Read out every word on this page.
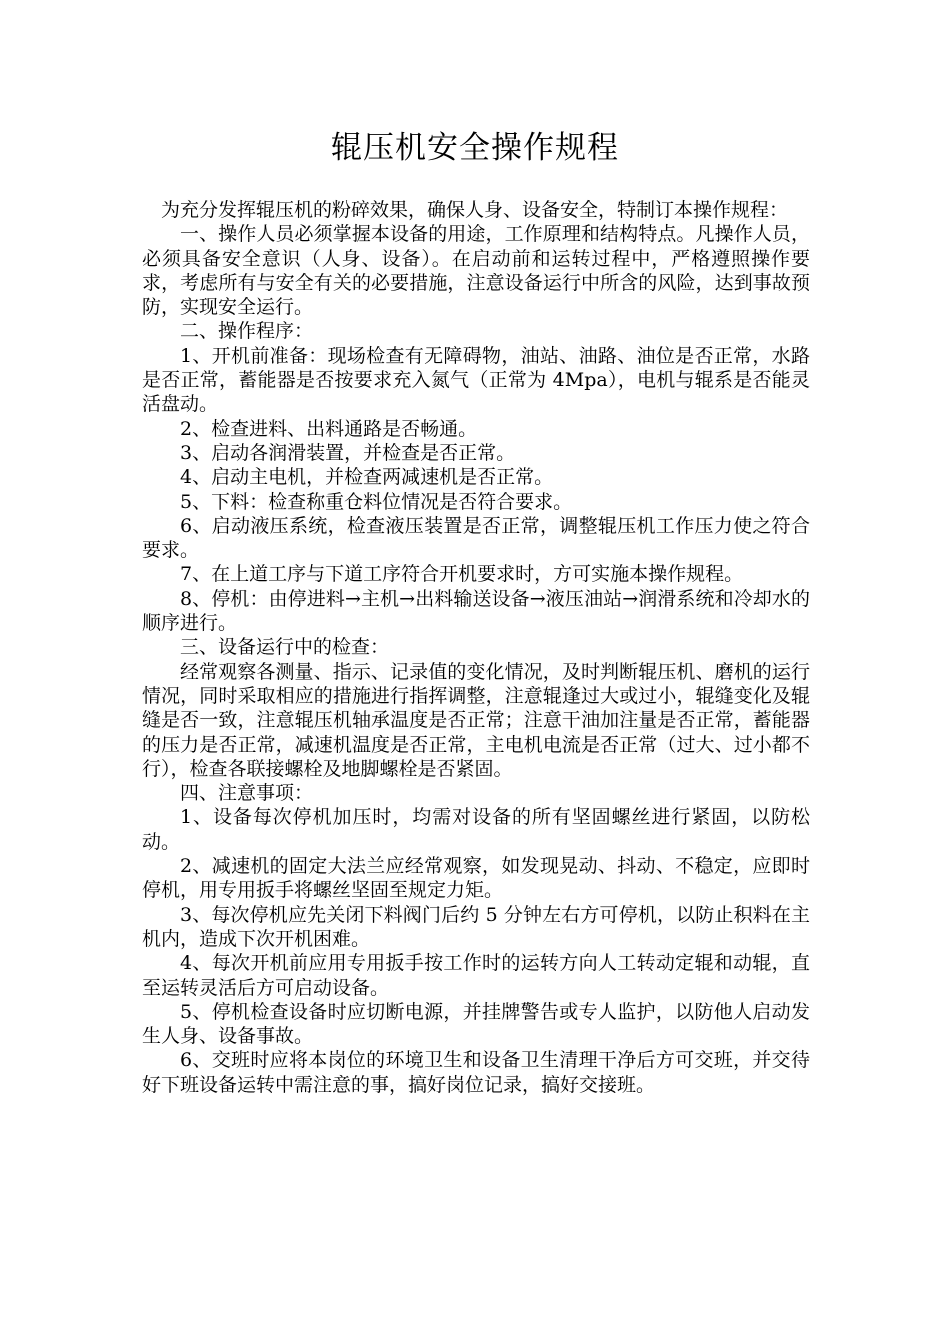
辊压机安全操作规程

为充分发挥辊压机的粉碎效果，确保人身、设备安全，特制订本操作规程：

一、操作人员必须掌握本设备的用途，工作原理和结构特点。凡操作人员，必须具备安全意识（人身、设备）。在启动前和运转过程中，严格遵照操作要求，考虑所有与安全有关的必要措施，注意设备运行中所含的风险，达到事故预防，实现安全运行。

二、操作程序：

1、开机前准备：现场检查有无障碍物，油站、油路、油位是否正常，水路是否正常，蓄能器是否按要求充入氮气（正常为 4Mpa），电机与辊系是否能灵活盘动。

2、检查进料、出料通路是否畅通。

3、启动各润滑装置，并检查是否正常。

4、启动主电机，并检查两减速机是否正常。

5、下料：检查称重仓料位情况是否符合要求。

6、启动液压系统，检查液压装置是否正常，调整辊压机工作压力使之符合要求。

7、在上道工序与下道工序符合开机要求时，方可实施本操作规程。

8、停机：由停进料→主机→出料输送设备→液压油站→润滑系统和冷却水的顺序进行。

三、设备运行中的检查：

经常观察各测量、指示、记录值的变化情况，及时判断辊压机、磨机的运行情况，同时采取相应的措施进行指挥调整，注意辊逢过大或过小，辊缝变化及辊缝是否一致，注意辊压机轴承温度是否正常；注意干油加注量是否正常，蓄能器的压力是否正常，减速机温度是否正常，主电机电流是否正常（过大、过小都不行），检查各联接螺栓及地脚螺栓是否紧固。

四、注意事项：

1、设备每次停机加压时，均需对设备的所有坚固螺丝进行紧固，以防松动。

2、减速机的固定大法兰应经常观察，如发现晃动、抖动、不稳定，应即时停机，用专用扳手将螺丝坚固至规定力矩。

3、每次停机应先关闭下料阀门后约 5 分钟左右方可停机，以防止积料在主机内，造成下次开机困难。

4、每次开机前应用专用扳手按工作时的运转方向人工转动定辊和动辊，直至运转灵活后方可启动设备。

5、停机检查设备时应切断电源，并挂牌警告或专人监护，以防他人启动发生人身、设备事故。

6、交班时应将本岗位的环境卫生和设备卫生清理干净后方可交班，并交待好下班设备运转中需注意的事，搞好岗位记录，搞好交接班。
